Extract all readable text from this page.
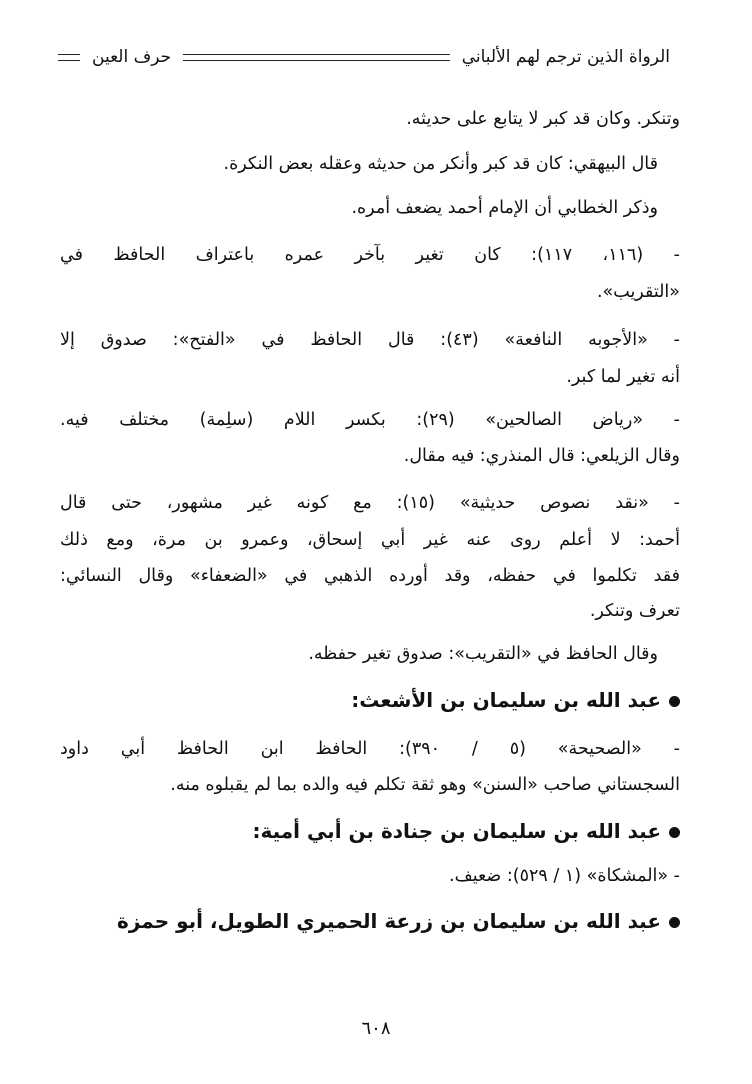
الرواة الذين ترجم لهم الألباني
حرف العين
وتنكر. وكان قد كبر لا يتابع على حديثه.
قال البيهقي: كان قد كبر وأنكر من حديثه وعقله بعض النكرة.
وذكر الخطابي أن الإمام أحمد يضعف أمره.
- (١١٦، ١١٧): كان تغير بآخر عمره باعتراف الحافظ في
«التقريب».
- «الأجوبه النافعة» (٤٣): قال الحافظ في «الفتح»: صدوق إلا
أنه تغير لما كبر.
- «رياض الصالحين» (٢٩): بكسر اللام (سلِمة) مختلف فيه.
وقال الزيلعي: قال المنذري: فيه مقال.
- «نقد نصوص حديثية» (١٥): مع كونه غير مشهور، حتى قال
أحمد: لا أعلم روى عنه غير أبي إسحاق، وعمرو بن مرة، ومع ذلك
فقد تكلموا في حفظه، وقد أورده الذهبي في «الضعفاء» وقال النسائي:
تعرف وتنكر.
وقال الحافظ في «التقريب»: صدوق تغير حفظه.
عبد الله بن سليمان بن الأشعث:
- «الصحيحة» (٥ / ٣٩٠): الحافظ ابن الحافظ أبي داود
السجستاني صاحب «السنن» وهو ثقة تكلم فيه والده بما لم يقبلوه منه.
عبد الله بن سليمان بن جنادة بن أبي أمية:
- «المشكاة» (١ / ٥٢٩): ضعيف.
عبد الله بن سليمان بن زرعة الحميري الطويل، أبو حمزة
٦٠٨
